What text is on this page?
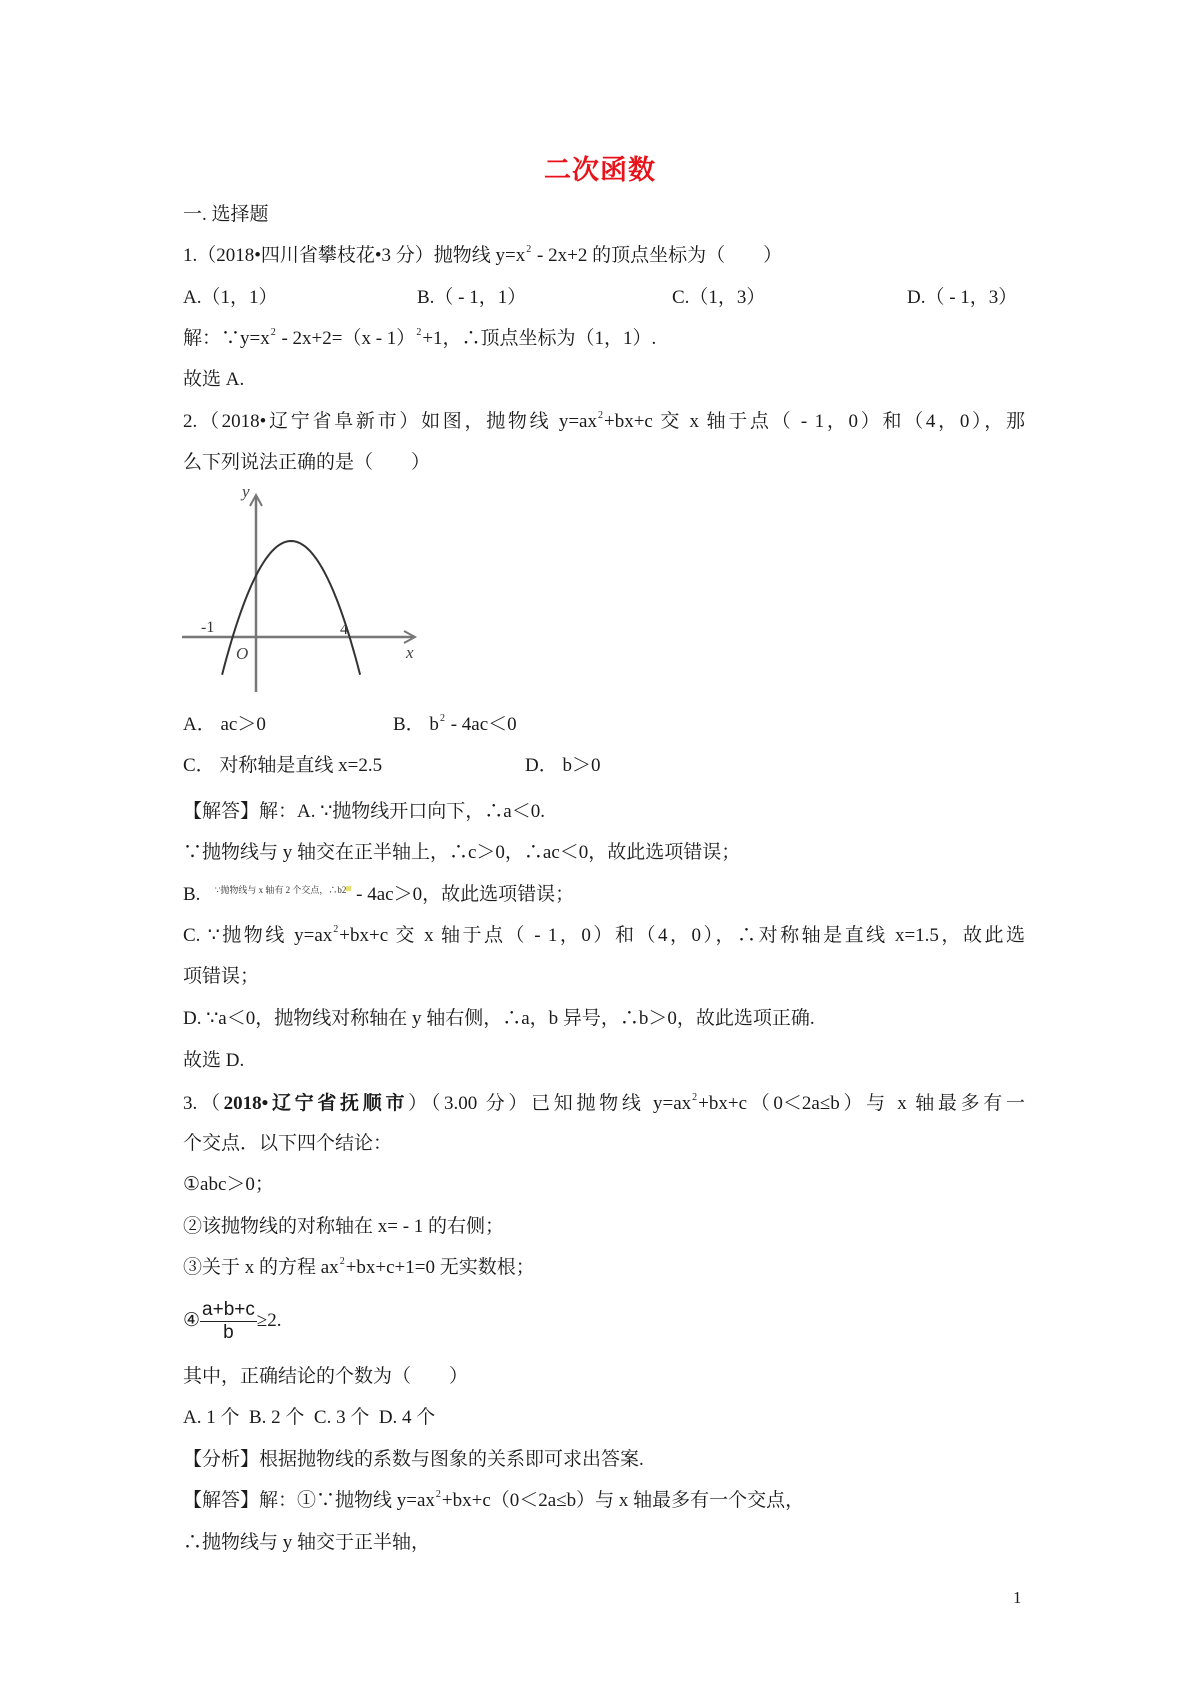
二次函数
一. 选择题
1.（2018•四川省攀枝花•3 分）抛物线 $y=x^2 - 2x+2$ 的顶点坐标为（　　）
A.（1，1）	B.（ - 1，1）	C.（1，3）	D.（ - 1，3）
解：$\because y=x^2 - 2x+2=(x - 1)^2+1$，∴顶点坐标为（1，1）.
故选 A.
2.（2018•辽宁省阜新市）如图，抛物线 $y=ax^2+bx+c$ 交 x 轴于点（ - 1，0）和（4，0），那
么下列说法正确的是（　　）
y
x
O
-1	4
A． ac＞0	B． $b^2 - 4ac<0$
C． 对称轴是直线 x=2.5	D． b＞0
【解答】解：A. ∵抛物线开口向下，∴a＜0.
∵抛物线与 y 轴交在正半轴上，∴c＞0，∴ac＜0，故此选项错误；
B. $^{\because 抛物线与 x 轴有 2 个交点,\therefore b2}$ - 4ac＞0，故此选项错误；
C. ∵抛物线 $y=ax^2+bx+c$ 交 x 轴于点（ - 1，0）和（4，0），∴对称轴是直线 x=1.5，故此选
项错误；
D. ∵a＜0，抛物线对称轴在 y 轴右侧，∴a，b 异号，∴b＞0，故此选项正确.
故选 D.
3.（2018•辽宁省抚顺市）（3.00 分）已知抛物线 $y=ax^2+bx+c(0<2a\le b)$与 x 轴最多有一
个交点．以下四个结论：
①abc＞0；
②该抛物线的对称轴在 x= - 1 的右侧；
③关于 x 的方程 $ax^2+bx+c+1=0$ 无实数根；
④ $\frac{a+b+c}{b} \ge 2$.
其中，正确结论的个数为（　　）
A. 1 个  B. 2 个  C. 3 个  D. 4 个
【分析】根据抛物线的系数与图象的关系即可求出答案.
【解答】解：①∵抛物线 $y=ax^2+bx+c(0<2a\le b)$与 x 轴最多有一个交点，
∴抛物线与 y 轴交于正半轴，
1
